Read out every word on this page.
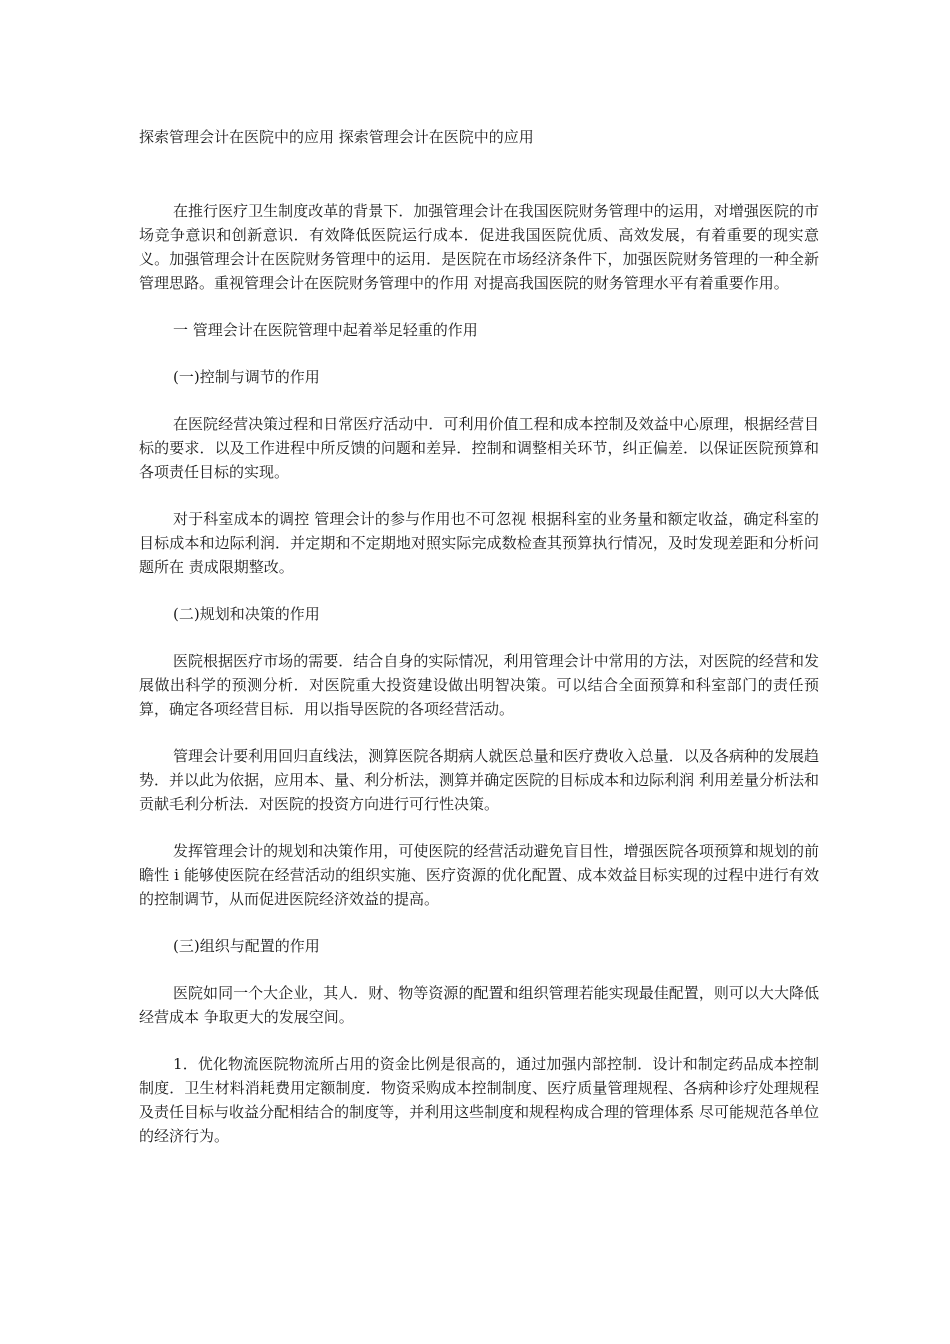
探索管理会计在医院中的应用 探索管理会计在医院中的应用

在推行医疗卫生制度改革的背景下．加强管理会计在我国医院财务管理中的运用，对增强医院的市场竞争意识和创新意识．有效降低医院运行成本．促进我国医院优质、高效发展，有着重要的现实意义。加强管理会计在医院财务管理中的运用．是医院在市场经济条件下，加强医院财务管理的一种全新管理思路。重视管理会计在医院财务管理中的作用 对提高我国医院的财务管理水平有着重要作用。

一 管理会计在医院管理中起着举足轻重的作用

(一)控制与调节的作用

在医院经营决策过程和日常医疗活动中．可利用价值工程和成本控制及效益中心原理，根据经营目标的要求．以及工作进程中所反馈的问题和差异．控制和调整相关环节，纠正偏差．以保证医院预算和各项责任目标的实现。

对于科室成本的调控 管理会计的参与作用也不可忽视 根据科室的业务量和额定收益，确定科室的目标成本和边际利润．并定期和不定期地对照实际完成数检查其预算执行情况，及时发现差距和分析问题所在 责成限期整改。

(二)规划和决策的作用

医院根据医疗市场的需要．结合自身的实际情况，利用管理会计中常用的方法，对医院的经营和发展做出科学的预测分析．对医院重大投资建设做出明智决策。可以结合全面预算和科室部门的责任预算，确定各项经营目标．用以指导医院的各项经营活动。

管理会计要利用回归直线法，测算医院各期病人就医总量和医疗费收入总量．以及各病种的发展趋势．并以此为依据，应用本、量、利分析法，测算并确定医院的目标成本和边际利润 利用差量分析法和贡献毛利分析法．对医院的投资方向进行可行性决策。

发挥管理会计的规划和决策作用，可使医院的经营活动避免盲目性，增强医院各项预算和规划的前瞻性 i 能够使医院在经营活动的组织实施、医疗资源的优化配置、成本效益目标实现的过程中进行有效的控制调节，从而促进医院经济效益的提高。

(三)组织与配置的作用

医院如同一个大企业，其人．财、物等资源的配置和组织管理若能实现最佳配置，则可以大大降低经营成本 争取更大的发展空间。

1．优化物流医院物流所占用的资金比例是很高的，通过加强内部控制．设计和制定药品成本控制制度．卫生材料消耗费用定额制度．物资采购成本控制制度、医疗质量管理规程、各病种诊疗处理规程及责任目标与收益分配相结合的制度等，并利用这些制度和规程构成合理的管理体系 尽可能规范各单位的经济行为。
